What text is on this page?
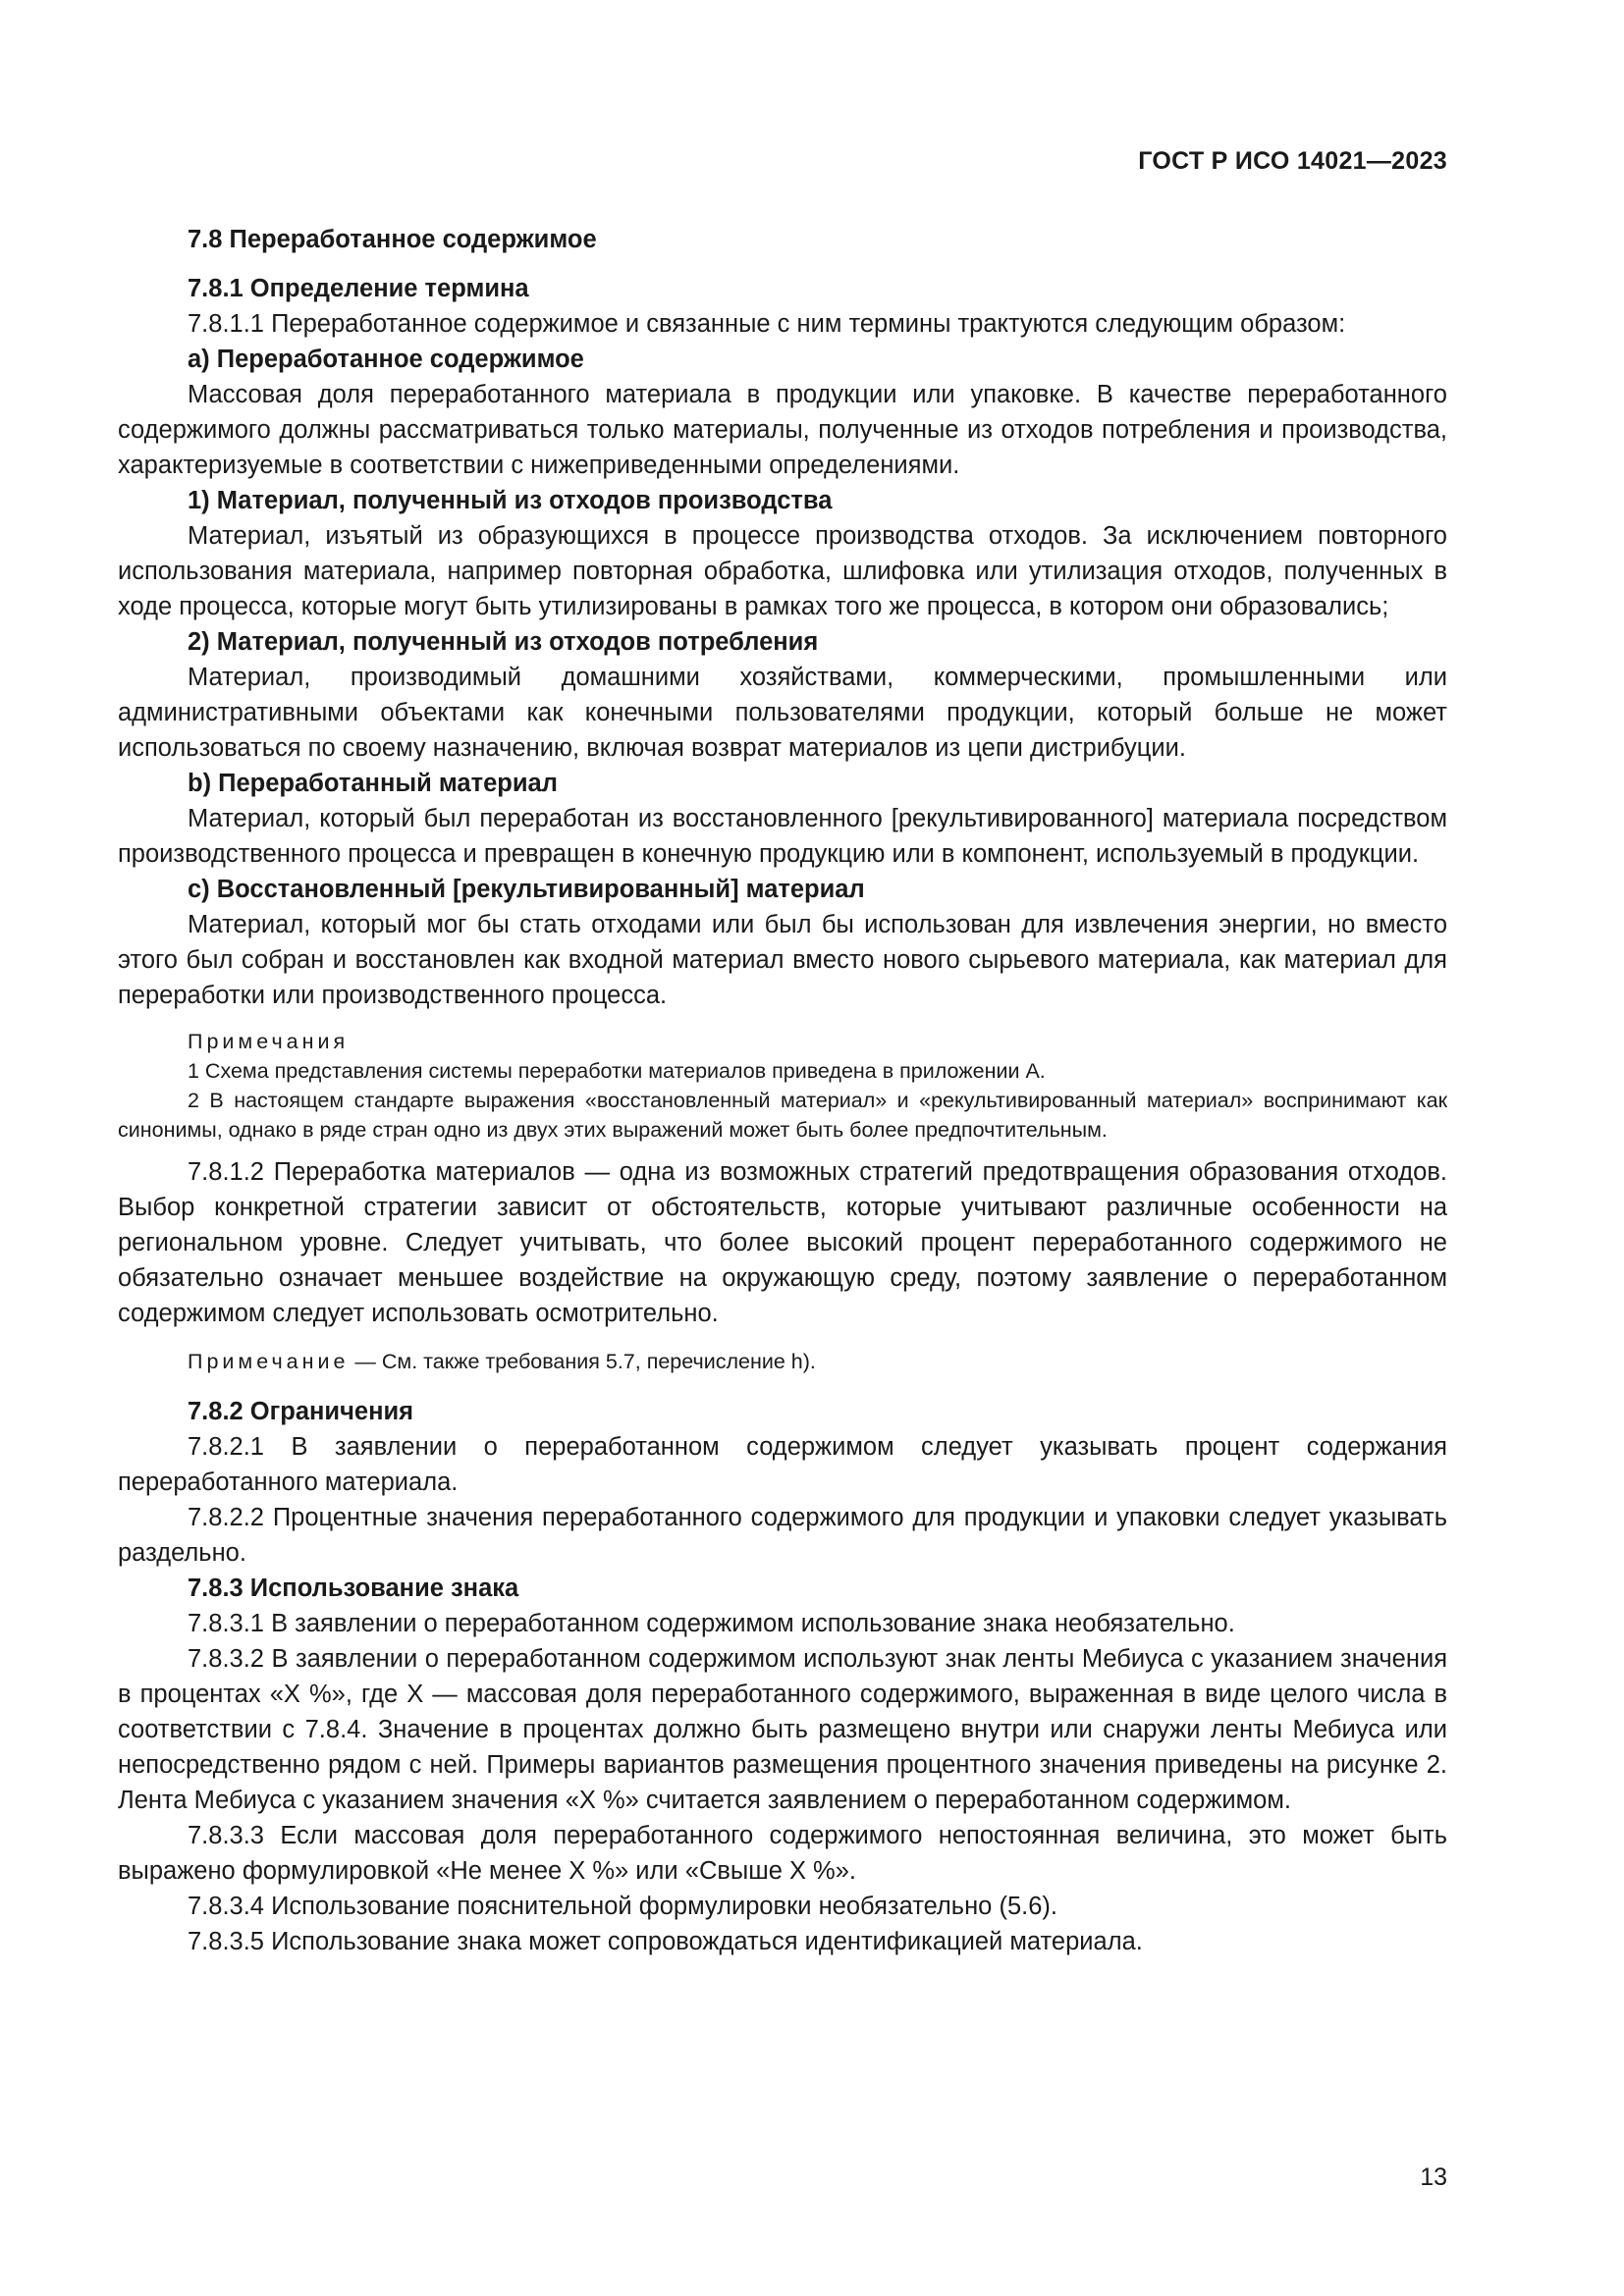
ГОСТ Р ИСО 14021—2023

7.8 Переработанное содержимое

7.8.1 Определение термина

7.8.1.1 Переработанное содержимое и связанные с ним термины трактуются следующим образом:

a) Переработанное содержимое

Массовая доля переработанного материала в продукции или упаковке. В качестве переработанного содержимого должны рассматриваться только материалы, полученные из отходов потребления и производства, характеризуемые в соответствии с нижеприведенными определениями.

1) Материал, полученный из отходов производства

Материал, изъятый из образующихся в процессе производства отходов. За исключением повторного использования материала, например повторная обработка, шлифовка или утилизация отходов, полученных в ходе процесса, которые могут быть утилизированы в рамках того же процесса, в котором они образовались;

2) Материал, полученный из отходов потребления

Материал, производимый домашними хозяйствами, коммерческими, промышленными или административными объектами как конечными пользователями продукции, который больше не может использоваться по своему назначению, включая возврат материалов из цепи дистрибуции.

b) Переработанный материал

Материал, который был переработан из восстановленного [рекультивированного] материала посредством производственного процесса и превращен в конечную продукцию или в компонент, используемый в продукции.

c) Восстановленный [рекультивированный] материал

Материал, который мог бы стать отходами или был бы использован для извлечения энергии, но вместо этого был собран и восстановлен как входной материал вместо нового сырьевого материала, как материал для переработки или производственного процесса.

Примечания

1 Схема представления системы переработки материалов приведена в приложении А.

2 В настоящем стандарте выражения «восстановленный материал» и «рекультивированный материал» воспринимают как синонимы, однако в ряде стран одно из двух этих выражений может быть более предпочтительным.

7.8.1.2 Переработка материалов — одна из возможных стратегий предотвращения образования отходов. Выбор конкретной стратегии зависит от обстоятельств, которые учитывают различные особенности на региональном уровне. Следует учитывать, что более высокий процент переработанного содержимого не обязательно означает меньшее воздействие на окружающую среду, поэтому заявление о переработанном содержимом следует использовать осмотрительно.

Примечание — См. также требования 5.7, перечисление h).

7.8.2 Ограничения

7.8.2.1 В заявлении о переработанном содержимом следует указывать процент содержания переработанного материала.

7.8.2.2 Процентные значения переработанного содержимого для продукции и упаковки следует указывать раздельно.

7.8.3 Использование знака

7.8.3.1 В заявлении о переработанном содержимом использование знака необязательно.

7.8.3.2 В заявлении о переработанном содержимом используют знак ленты Мебиуса с указанием значения в процентах «X %», где X — массовая доля переработанного содержимого, выраженная в виде целого числа в соответствии с 7.8.4. Значение в процентах должно быть размещено внутри или снаружи ленты Мебиуса или непосредственно рядом с ней. Примеры вариантов размещения процентного значения приведены на рисунке 2. Лента Мебиуса с указанием значения «X %» считается заявлением о переработанном содержимом.

7.8.3.3 Если массовая доля переработанного содержимого непостоянная величина, это может быть выражено формулировкой «Не менее X %» или «Свыше X %».

7.8.3.4 Использование пояснительной формулировки необязательно (5.6).

7.8.3.5 Использование знака может сопровождаться идентификацией материала.

13
